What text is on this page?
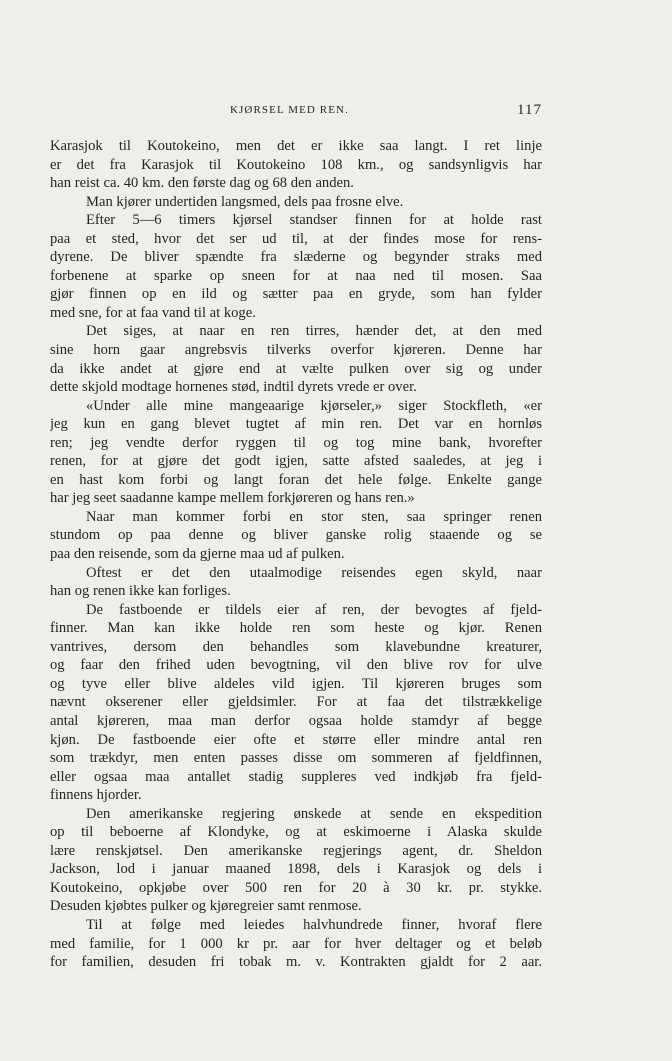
KJØRSEL MED REN.	117
Karasjok til Koutokeino, men det er ikke saa langt. I ret linje
er det fra Karasjok til Koutokeino 108 km., og sandsynligvis har
han reist ca. 40 km. den første dag og 68 den anden.
Man kjører undertiden langsmed, dels paa frosne elve.
Efter 5—6 timers kjørsel standser finnen for at holde rast
paa et sted, hvor det ser ud til, at der findes mose for rens-
dyrene. De bliver spændte fra slæderne og begynder straks med
forbenene at sparke op sneen for at naa ned til mosen. Saa
gjør finnen op en ild og sætter paa en gryde, som han fylder
med sne, for at faa vand til at koge.
Det siges, at naar en ren tirres, hænder det, at den med
sine horn gaar angrebsvis tilverks overfor kjøreren. Denne har
da ikke andet at gjøre end at vælte pulken over sig og under
dette skjold modtage hornenes stød, indtil dyrets vrede er over.
«Under alle mine mangeaarige kjørseler,» siger Stockfleth, «er
jeg kun en gang blevet tugtet af min ren. Det var en hornløs
ren; jeg vendte derfor ryggen til og tog mine bank, hvorefter
renen, for at gjøre det godt igjen, satte afsted saaledes, at jeg i
en hast kom forbi og langt foran det hele følge. Enkelte gange
har jeg seet saadanne kampe mellem forkjøreren og hans ren.»
Naar man kommer forbi en stor sten, saa springer renen
stundom op paa denne og bliver ganske rolig staaende og se
paa den reisende, som da gjerne maa ud af pulken.
Oftest er det den utaalmodige reisendes egen skyld, naar
han og renen ikke kan forliges.
De fastboende er tildels eier af ren, der bevogtes af fjeld-
finner. Man kan ikke holde ren som heste og kjør. Renen
vantrives, dersom den behandles som klavebundne kreaturer,
og faar den frihed uden bevogtning, vil den blive rov for ulve
og tyve eller blive aldeles vild igjen. Til kjøreren bruges som
nævnt okserener eller gjeldsimler. For at faa det tilstrækkelige
antal kjøreren, maa man derfor ogsaa holde stamdyr af begge
kjøn. De fastboende eier ofte et større eller mindre antal ren
som trækdyr, men enten passes disse om sommeren af fjeldfinnen,
eller ogsaa maa antallet stadig suppleres ved indkjøb fra fjeld-
finnens hjorder.
Den amerikanske regjering ønskede at sende en ekspedition
op til beboerne af Klondyke, og at eskimoerne i Alaska skulde
lære renskjøtsel. Den amerikanske regjerings agent, dr. Sheldon
Jackson, lod i januar maaned 1898, dels i Karasjok og dels i
Koutokeino, opkjøbe over 500 ren for 20 à 30 kr. pr. stykke.
Desuden kjøbtes pulker og kjøregreier samt renmose.
Til at følge med leiedes halvhundrede finner, hvoraf flere
med familie, for 1 000 kr pr. aar for hver deltager og et beløb
for familien, desuden fri tobak m. v. Kontrakten gjaldt for 2 aar.
